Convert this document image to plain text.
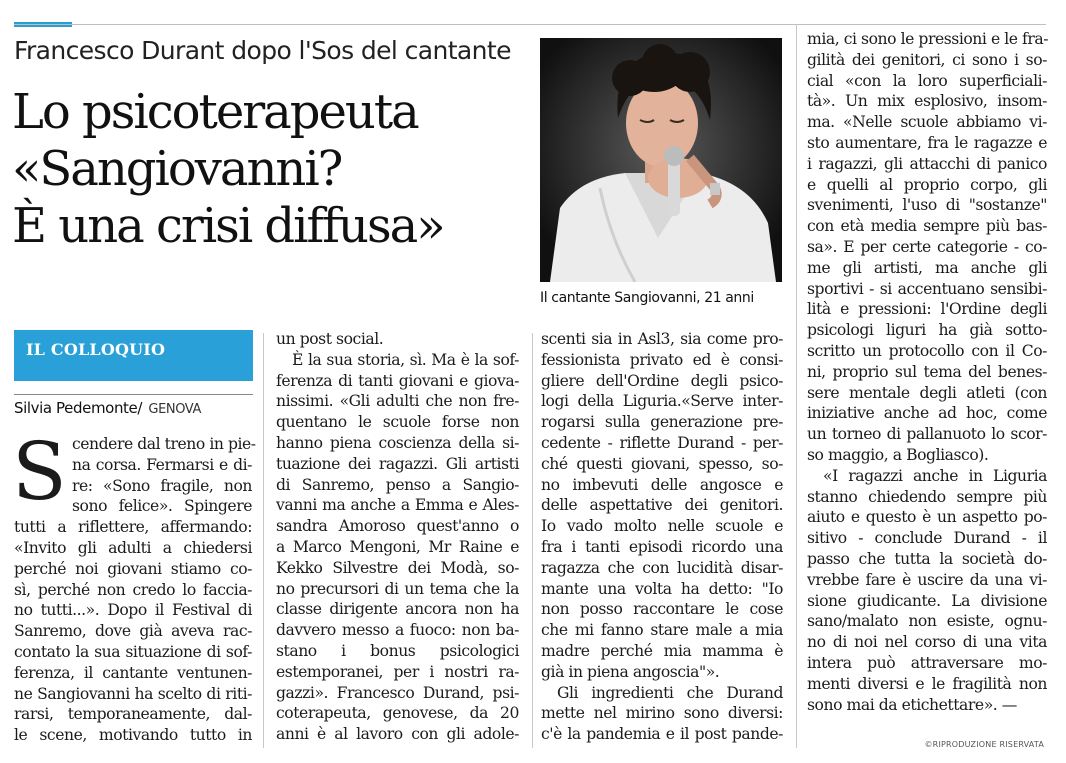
Francesco Durant dopo l'Sos del cantante
Lo psicoterapeuta
«Sangiovanni?
È una crisi diffusa»
Il cantante Sangiovanni, 21 anni
IL COLLOQUIO
Silvia Pedemonte/ GENOVA
S cendere dal treno in pie-
na corsa. Fermarsi e di-
re: «Sono fragile, non
sono felice». Spingere
tutti a riflettere, affermando:
«Invito gli adulti a chiedersi
perché noi giovani stiamo co-
sì, perché non credo lo faccia-
no tutti...». Dopo il Festival di
Sanremo, dove già aveva rac-
contato la sua situazione di sof-
ferenza, il cantante ventunen-
ne Sangiovanni ha scelto di riti-
rarsi, temporaneamente, dal-
le scene, motivando tutto in
un post social.
È la sua storia, sì. Ma è la sof-
ferenza di tanti giovani e giova-
nissimi. «Gli adulti che non fre-
quentano le scuole forse non
hanno piena coscienza della si-
tuazione dei ragazzi. Gli artisti
di Sanremo, penso a Sangio-
vanni ma anche a Emma e Ales-
sandra Amoroso quest'anno o
a Marco Mengoni, Mr Raine e
Kekko Silvestre dei Modà, so-
no precursori di un tema che la
classe dirigente ancora non ha
davvero messo a fuoco: non ba-
stano i bonus psicologici
estemporanei, per i nostri ra-
gazzi». Francesco Durand, psi-
coterapeuta, genovese, da 20
anni è al lavoro con gli adole-
scenti sia in Asl3, sia come pro-
fessionista privato ed è consi-
gliere dell'Ordine degli psico-
logi della Liguria.«Serve inter-
rogarsi sulla generazione pre-
cedente - riflette Durand - per-
ché questi giovani, spesso, so-
no imbevuti delle angosce e
delle aspettative dei genitori.
Io vado molto nelle scuole e
fra i tanti episodi ricordo una
ragazza che con lucidità disar-
mante una volta ha detto: "Io
non posso raccontare le cose
che mi fanno stare male a mia
madre perché mia mamma è
già in piena angoscia"».
Gli ingredienti che Durand
mette nel mirino sono diversi:
c'è la pandemia e il post pande-
mia, ci sono le pressioni e le fra-
gilità dei genitori, ci sono i so-
cial «con la loro superficiali-
tà». Un mix esplosivo, insom-
ma. «Nelle scuole abbiamo vi-
sto aumentare, fra le ragazze e
i ragazzi, gli attacchi di panico
e quelli al proprio corpo, gli
svenimenti, l'uso di "sostanze"
con età media sempre più bas-
sa». E per certe categorie - co-
me gli artisti, ma anche gli
sportivi - si accentuano sensibi-
lità e pressioni: l'Ordine degli
psicologi liguri ha già sotto-
scritto un protocollo con il Co-
ni, proprio sul tema del benes-
sere mentale degli atleti (con
iniziative anche ad hoc, come
un torneo di pallanuoto lo scor-
so maggio, a Bogliasco).
«I ragazzi anche in Liguria
stanno chiedendo sempre più
aiuto e questo è un aspetto po-
sitivo - conclude Durand - il
passo che tutta la società do-
vrebbe fare è uscire da una vi-
sione giudicante. La divisione
sano/malato non esiste, ognu-
no di noi nel corso di una vita
intera può attraversare mo-
menti diversi e le fragilità non
sono mai da etichettare». —
©RIPRODUZIONE RISERVATA
